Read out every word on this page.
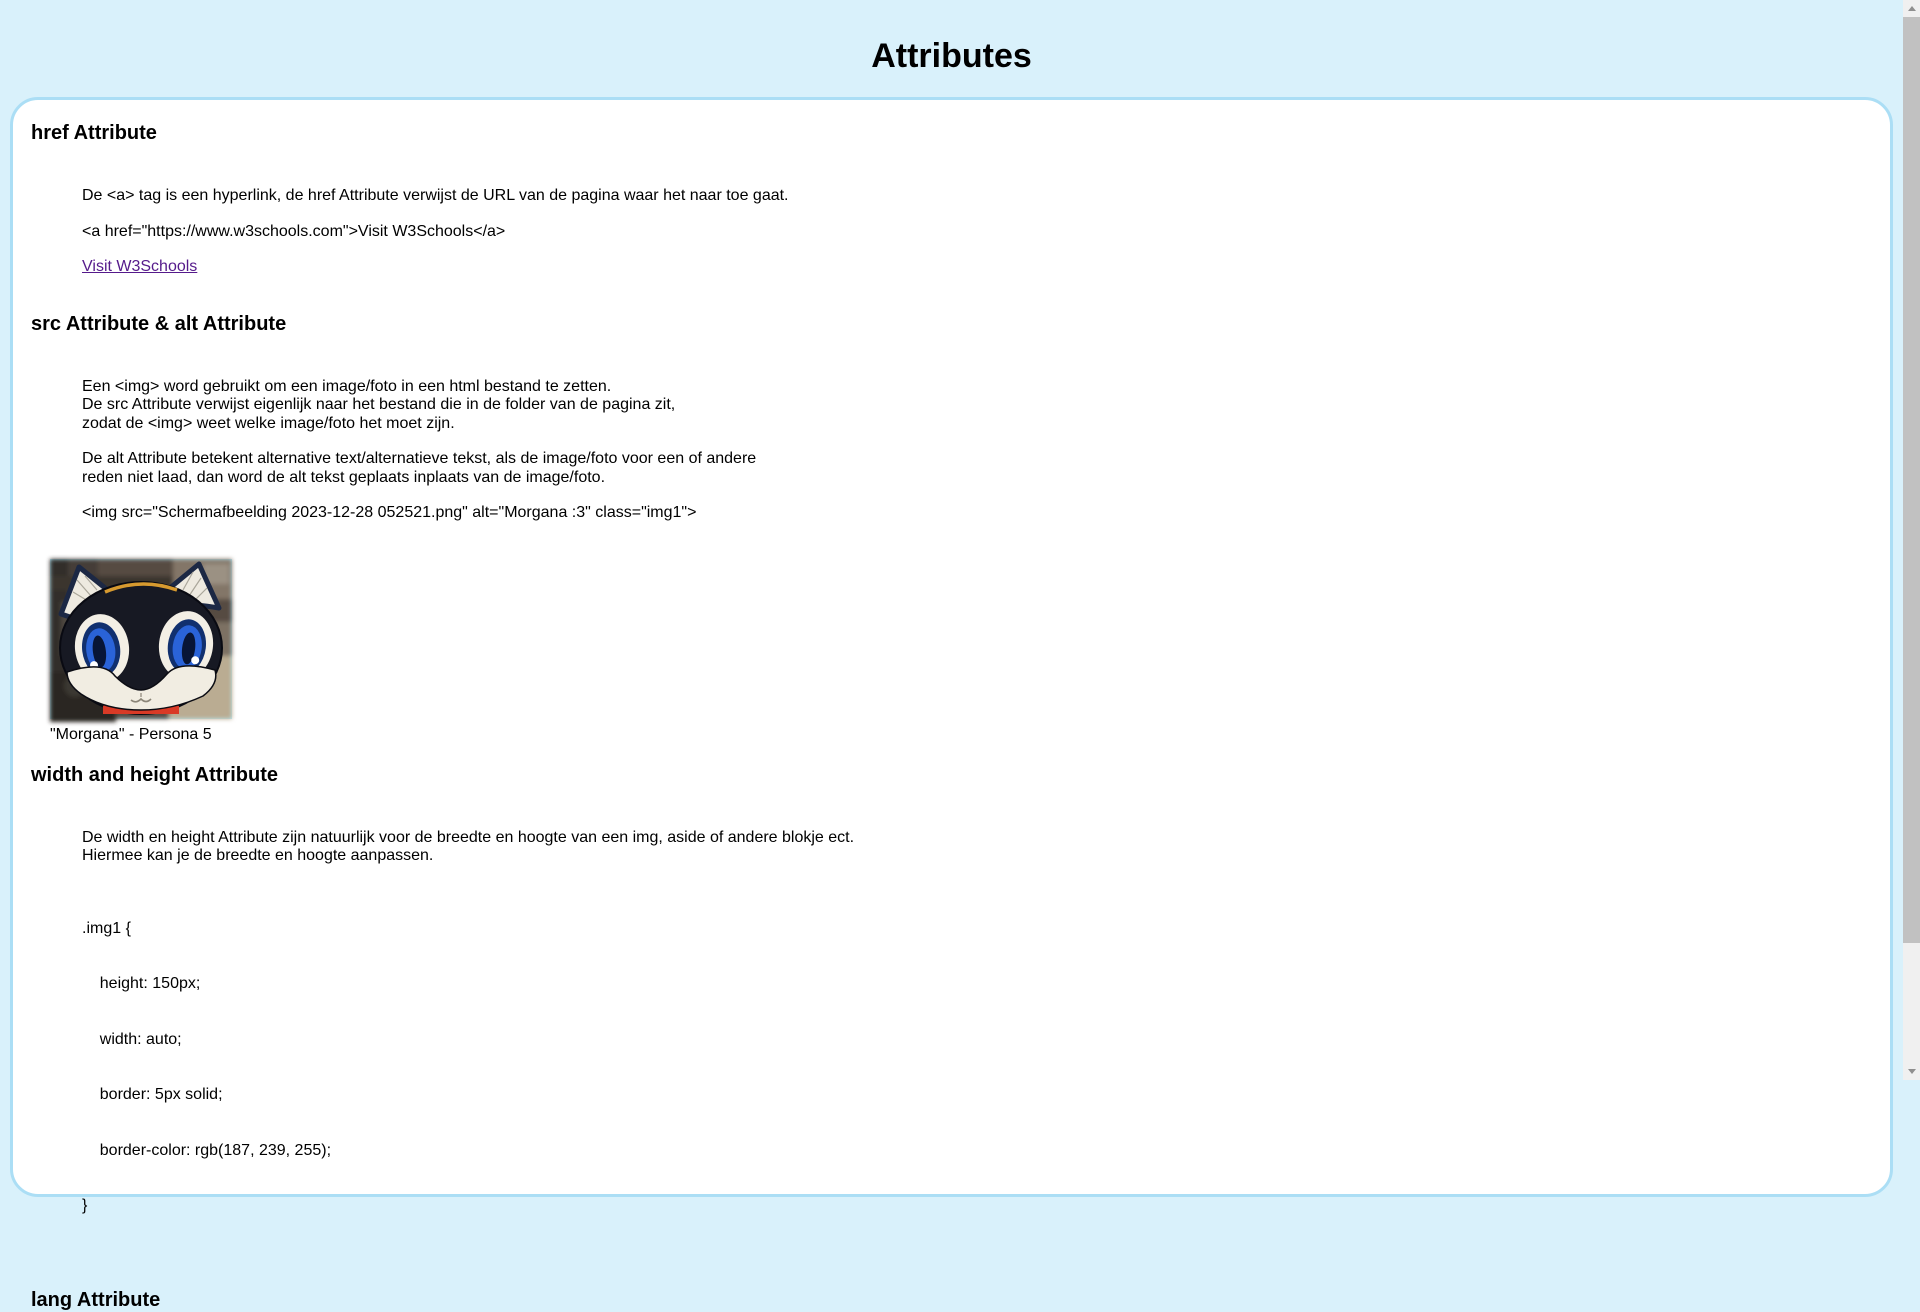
Attributes
href Attribute

De <a> tag is een hyperlink, de href Attribute verwijst de URL van de pagina waar het naar toe gaat.

<a href="https://www.w3schools.com">Visit W3Schools</a>

Visit W3Schools

src Attribute & alt Attribute

Een <img> word gebruikt om een image/foto in een html bestand te zetten.
De src Attribute verwijst eigenlijk naar het bestand die in de folder van de pagina zit,
zodat de <img> weet welke image/foto het moet zijn.

De alt Attribute betekent alternative text/alternatieve tekst, als de image/foto voor een of andere
reden niet laad, dan word de alt tekst geplaats inplaats van de image/foto.

<img src="Schermafbeelding 2023-12-28 052521.png" alt="Morgana :3" class="img1">

"Morgana" - Persona 5
width and height Attribute

De width en height Attribute zijn natuurlijk voor de breedte en hoogte van een img, aside of andere blokje ect.
Hiermee kan je de breedte en hoogte aanpassen.

.img1 {

height: 150px;

width: auto;

border: 5px solid;

border-color: rgb(187, 239, 255);

}

lang Attribute
